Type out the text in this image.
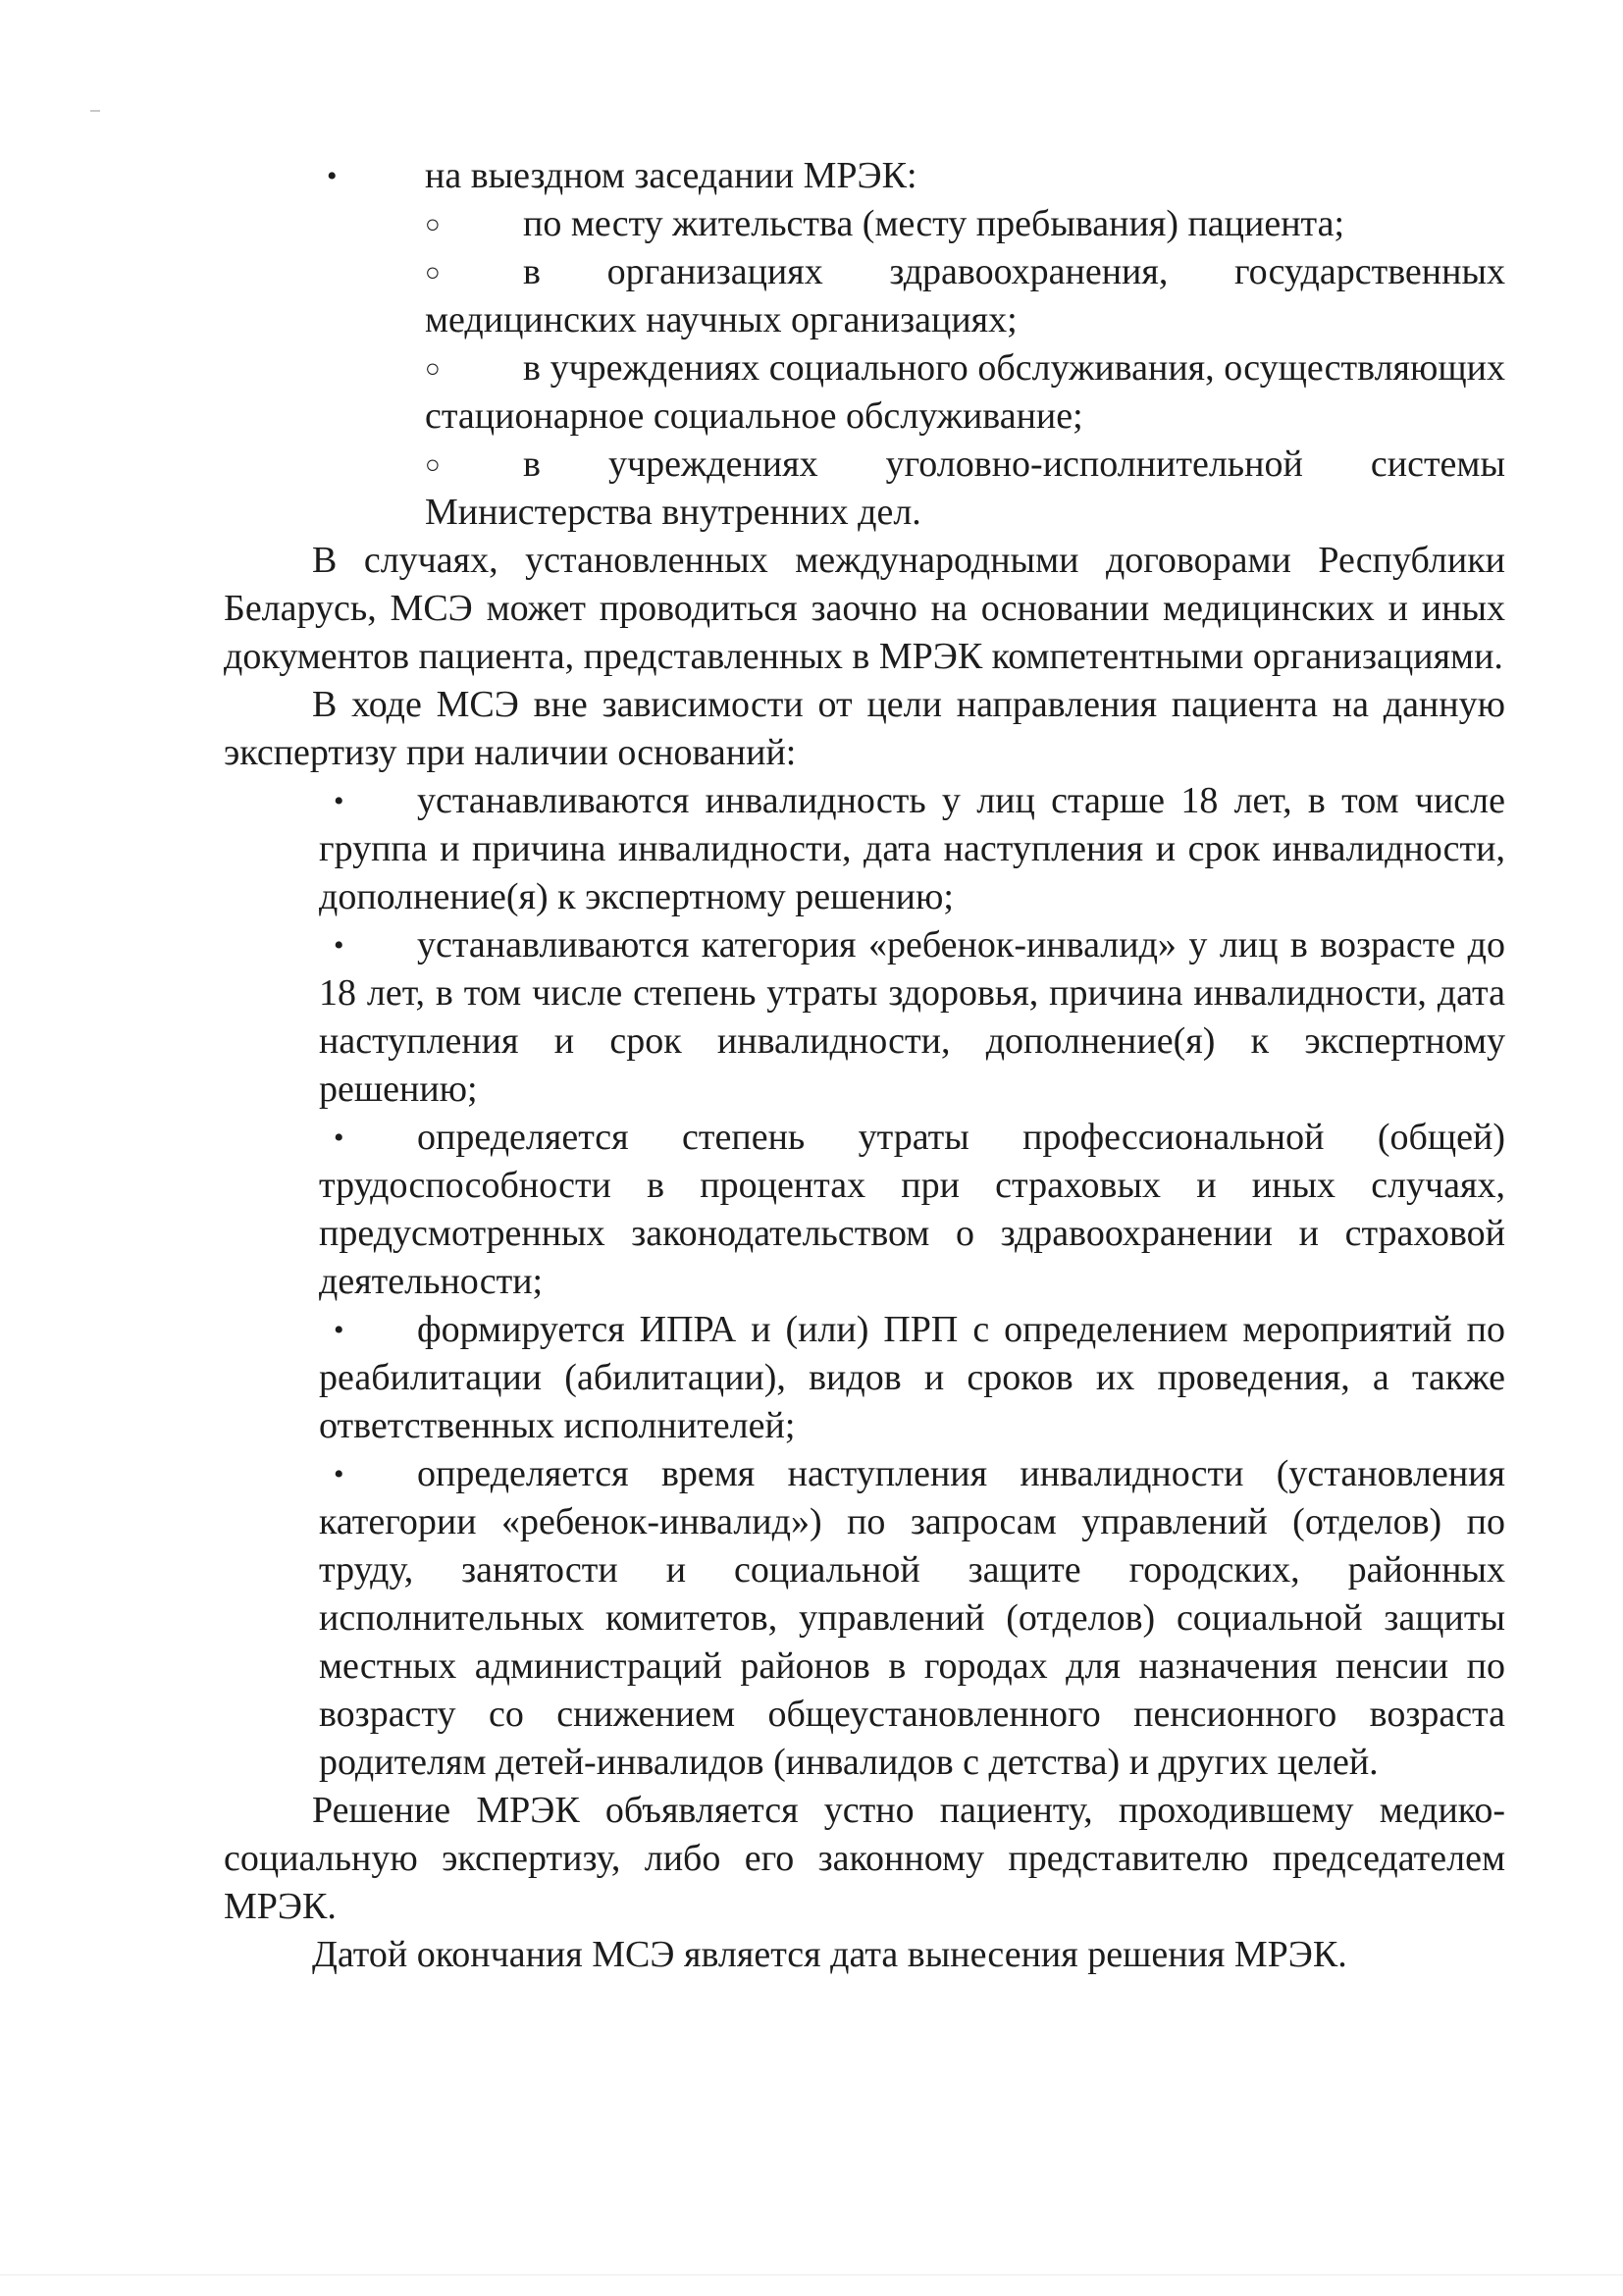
• на выездном заседании МРЭК:

○ по месту жительства (месту пребывания) пациента;

○ в организациях здравоохранения, государственных медицинских научных организациях;

○ в учреждениях социального обслуживания, осуществляющих стационарное социальное обслуживание;

○ в учреждениях уголовно-исполнительной системы Министерства внутренних дел.

В случаях, установленных международными договорами Республики Беларусь, МСЭ может проводиться заочно на основании медицинских и иных документов пациента, представленных в МРЭК компетентными организациями.

В ходе МСЭ вне зависимости от цели направления пациента на данную экспертизу при наличии оснований:

• устанавливаются инвалидность у лиц старше 18 лет, в том числе группа и причина инвалидности, дата наступления и срок инвалидности, дополнение(я) к экспертному решению;

• устанавливаются категория «ребенок-инвалид» у лиц в возрасте до 18 лет, в том числе степень утраты здоровья, причина инвалидности, дата наступления и срок инвалидности, дополнение(я) к экспертному решению;

• определяется степень утраты профессиональной (общей) трудоспособности в процентах при страховых и иных случаях, предусмотренных законодательством о здравоохранении и страховой деятельности;

• формируется ИПРА и (или) ПРП с определением мероприятий по реабилитации (абилитации), видов и сроков их проведения, а также ответственных исполнителей;

• определяется время наступления инвалидности (установления категории «ребенок-инвалид») по запросам управлений (отделов) по труду, занятости и социальной защите городских, районных исполнительных комитетов, управлений (отделов) социальной защиты местных администраций районов в городах для назначения пенсии по возрасту со снижением общеустановленного пенсионного возраста родителям детей-инвалидов (инвалидов с детства) и других целей.

Решение МРЭК объявляется устно пациенту, проходившему медико-социальную экспертизу, либо его законному представителю председателем МРЭК.

Датой окончания МСЭ является дата вынесения решения МРЭК.
